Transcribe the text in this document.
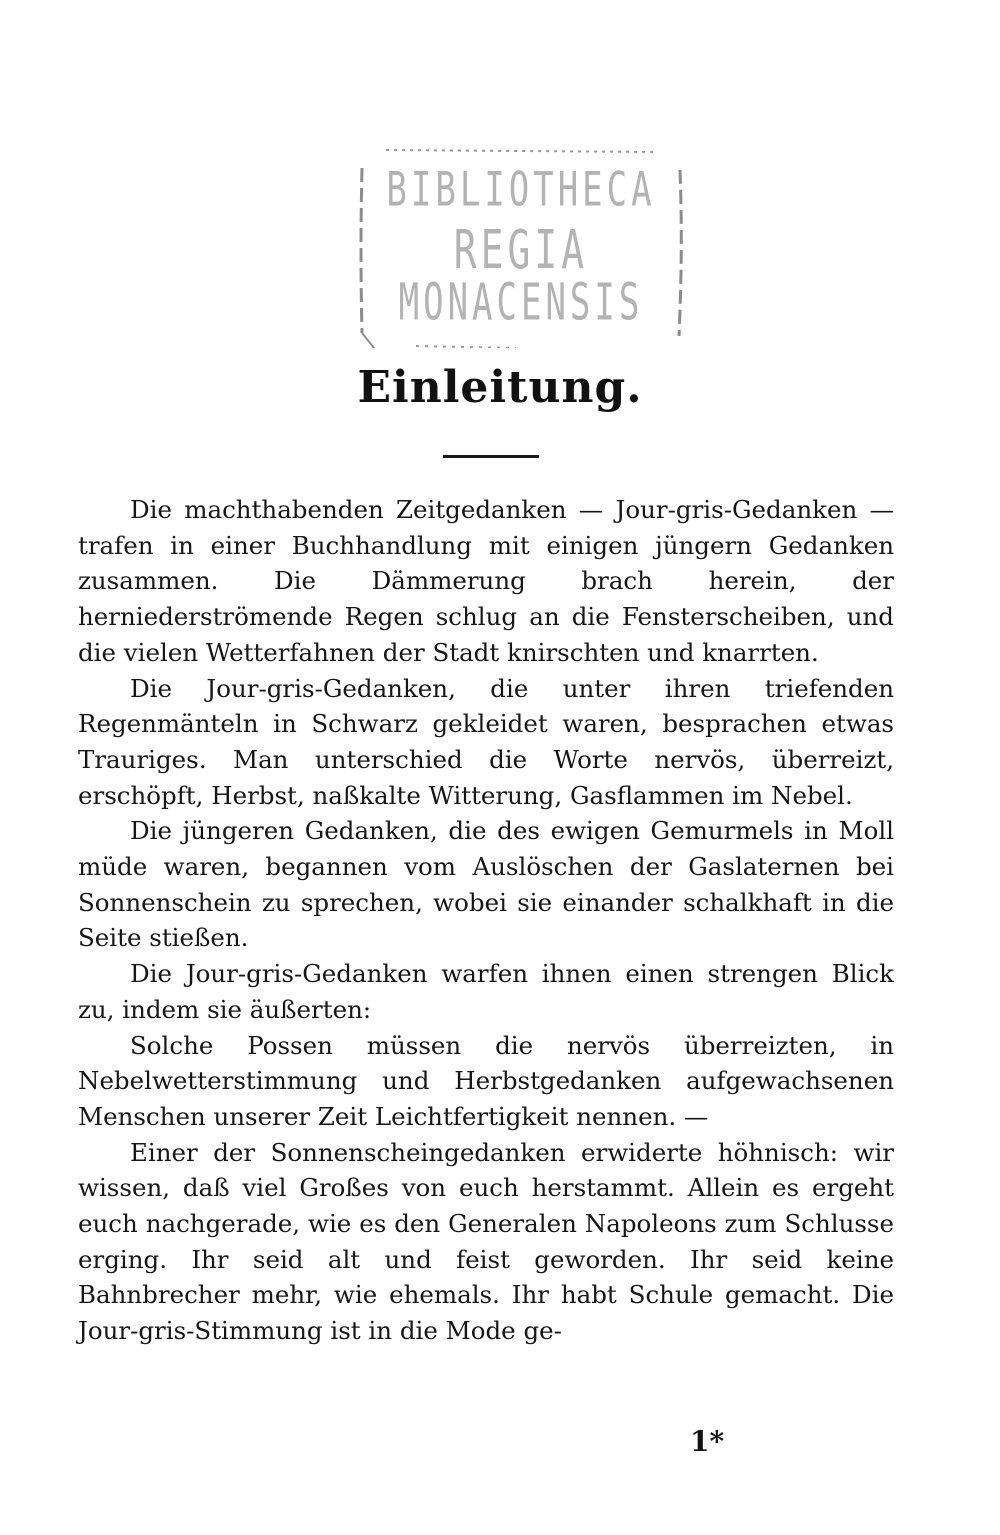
BIBLIOTHECA
REGIA
MONACENSIS
Einleitung.

Die machthabenden Zeitgedanken — Jour-gris-Gedanken — trafen in einer Buchhandlung mit einigen jüngern Gedanken zusammen. Die Dämmerung brach herein, der herniederströmende Regen schlug an die Fensterscheiben, und die vielen Wetterfahnen der Stadt knirschten und knarrten.

Die Jour-gris-Gedanken, die unter ihren triefenden Regenmänteln in Schwarz gekleidet waren, besprachen etwas Trauriges. Man unterschied die Worte nervös, überreizt, erschöpft, Herbst, naßkalte Witterung, Gasflammen im Nebel.

Die jüngeren Gedanken, die des ewigen Gemurmels in Moll müde waren, begannen vom Auslöschen der Gaslaternen bei Sonnenschein zu sprechen, wobei sie einander schalkhaft in die Seite stießen.

Die Jour-gris-Gedanken warfen ihnen einen strengen Blick zu, indem sie äußerten:

Solche Possen müssen die nervös überreizten, in Nebelwetterstimmung und Herbstgedanken aufgewachsenen Menschen unserer Zeit Leichtfertigkeit nennen. —

Einer der Sonnenscheingedanken erwiderte höhnisch: wir wissen, daß viel Großes von euch herstammt. Allein es ergeht euch nachgerade, wie es den Generalen Napoleons zum Schlusse erging. Ihr seid alt und feist geworden. Ihr seid keine Bahnbrecher mehr, wie ehemals. Ihr habt Schule gemacht. Die Jour-gris-Stimmung ist in die Mode ge-

1*
